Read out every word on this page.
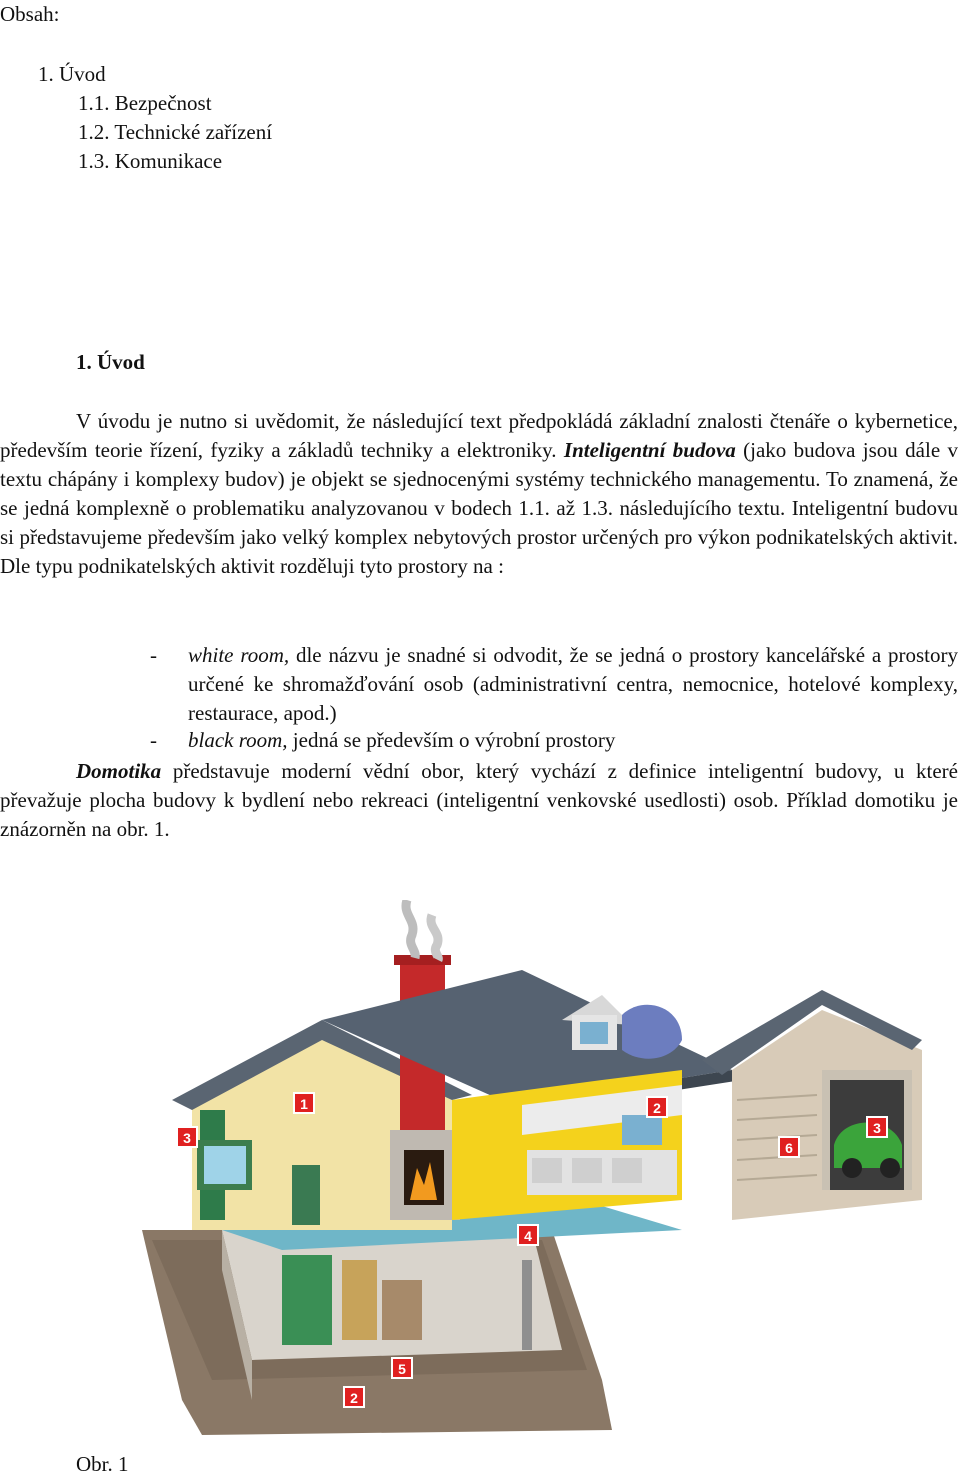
Obsah:
1. Úvod
1.1. Bezpečnost
1.2. Technické zařízení
1.3. Komunikace
1. Úvod
V úvodu je nutno si uvědomit, že následující text předpokládá základní znalosti čtenáře o kybernetice, především teorie řízení, fyziky a základů techniky a elektroniky. Inteligentní budova (jako budova jsou dále v textu chápány i komplexy budov) je objekt se sjednocenými systémy technického managementu. To znamená, že se jedná komplexně o problematiku analyzovanou v bodech 1.1. až 1.3. následujícího textu. Inteligentní budovu si představujeme především jako velký komplex nebytových prostor určených pro výkon podnikatelských aktivit. Dle typu podnikatelských aktivit rozděluji tyto prostory na :
- white room, dle názvu je snadné si odvodit, že se jedná o prostory kancelářské a prostory určené ke shromažďování osob (administrativní centra, nemocnice, hotelové komplexy, restaurace, apod.)
- black room, jedná se především o výrobní prostory
Domotika představuje moderní vědní obor, který vychází z definice inteligentní budovy, u které převažuje plocha budovy k bydlení nebo rekreaci (inteligentní venkovské usedlosti) osob. Příklad domotiku je znázorněn na obr. 1.
1	2
3
3
4
5
2
6
Obr. 1
